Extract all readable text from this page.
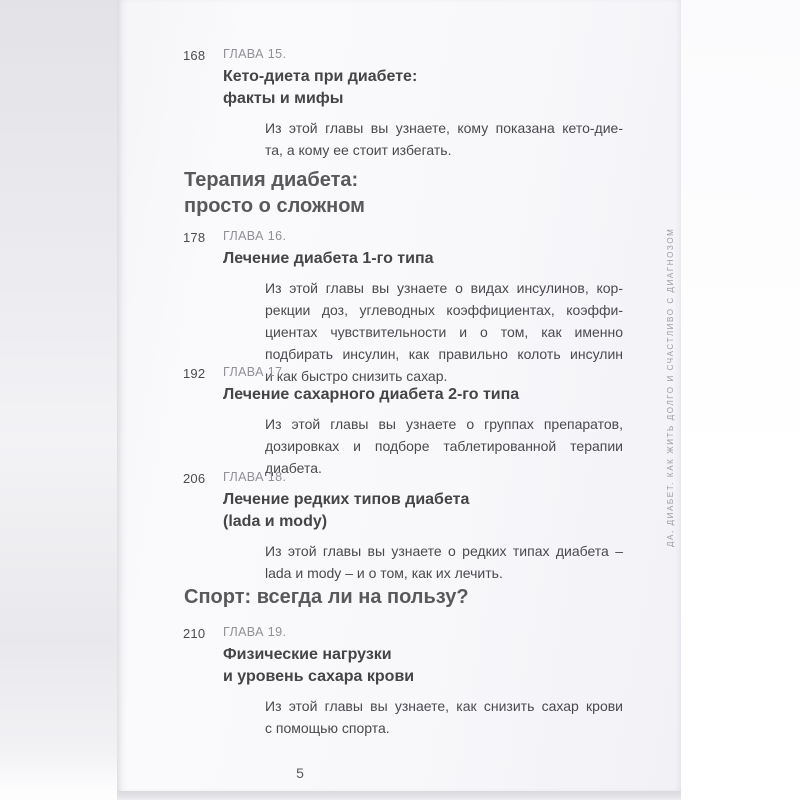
168 ГЛАВА 15.
Кето-диета при диабете:
факты и мифы
Из этой главы вы узнаете, кому показана кето-дие-
та, а кому ее стоит избегать.
Терапия диабета:
просто о сложном
178 ГЛАВА 16.
Лечение диабета 1-го типа
Из этой главы вы узнаете о видах инсулинов, кор-
рекции доз, углеводных коэффициентах, коэффи-
циентах чувствительности и о том, как именно
подбирать инсулин, как правильно колоть инсулин
и как быстро снизить сахар.
192 ГЛАВА 17.
Лечение сахарного диабета 2-го типа
Из этой главы вы узнаете о группах препаратов,
дозировках и подборе таблетированной терапии
диабета.
206 ГЛАВА 18.
Лечение редких типов диабета
(lada и mody)
Из этой главы вы узнаете о редких типах диабета –
lada и mody – и о том, как их лечить.
Спорт: всегда ли на пользу?
210 ГЛАВА 19.
Физические нагрузки
и уровень сахара крови
Из этой главы вы узнаете, как снизить сахар крови
с помощью спорта.
5
ДА, ДИАБЕТ. КАК ЖИТЬ ДОЛГО И СЧАСТЛИВО С ДИАГНОЗОМ
